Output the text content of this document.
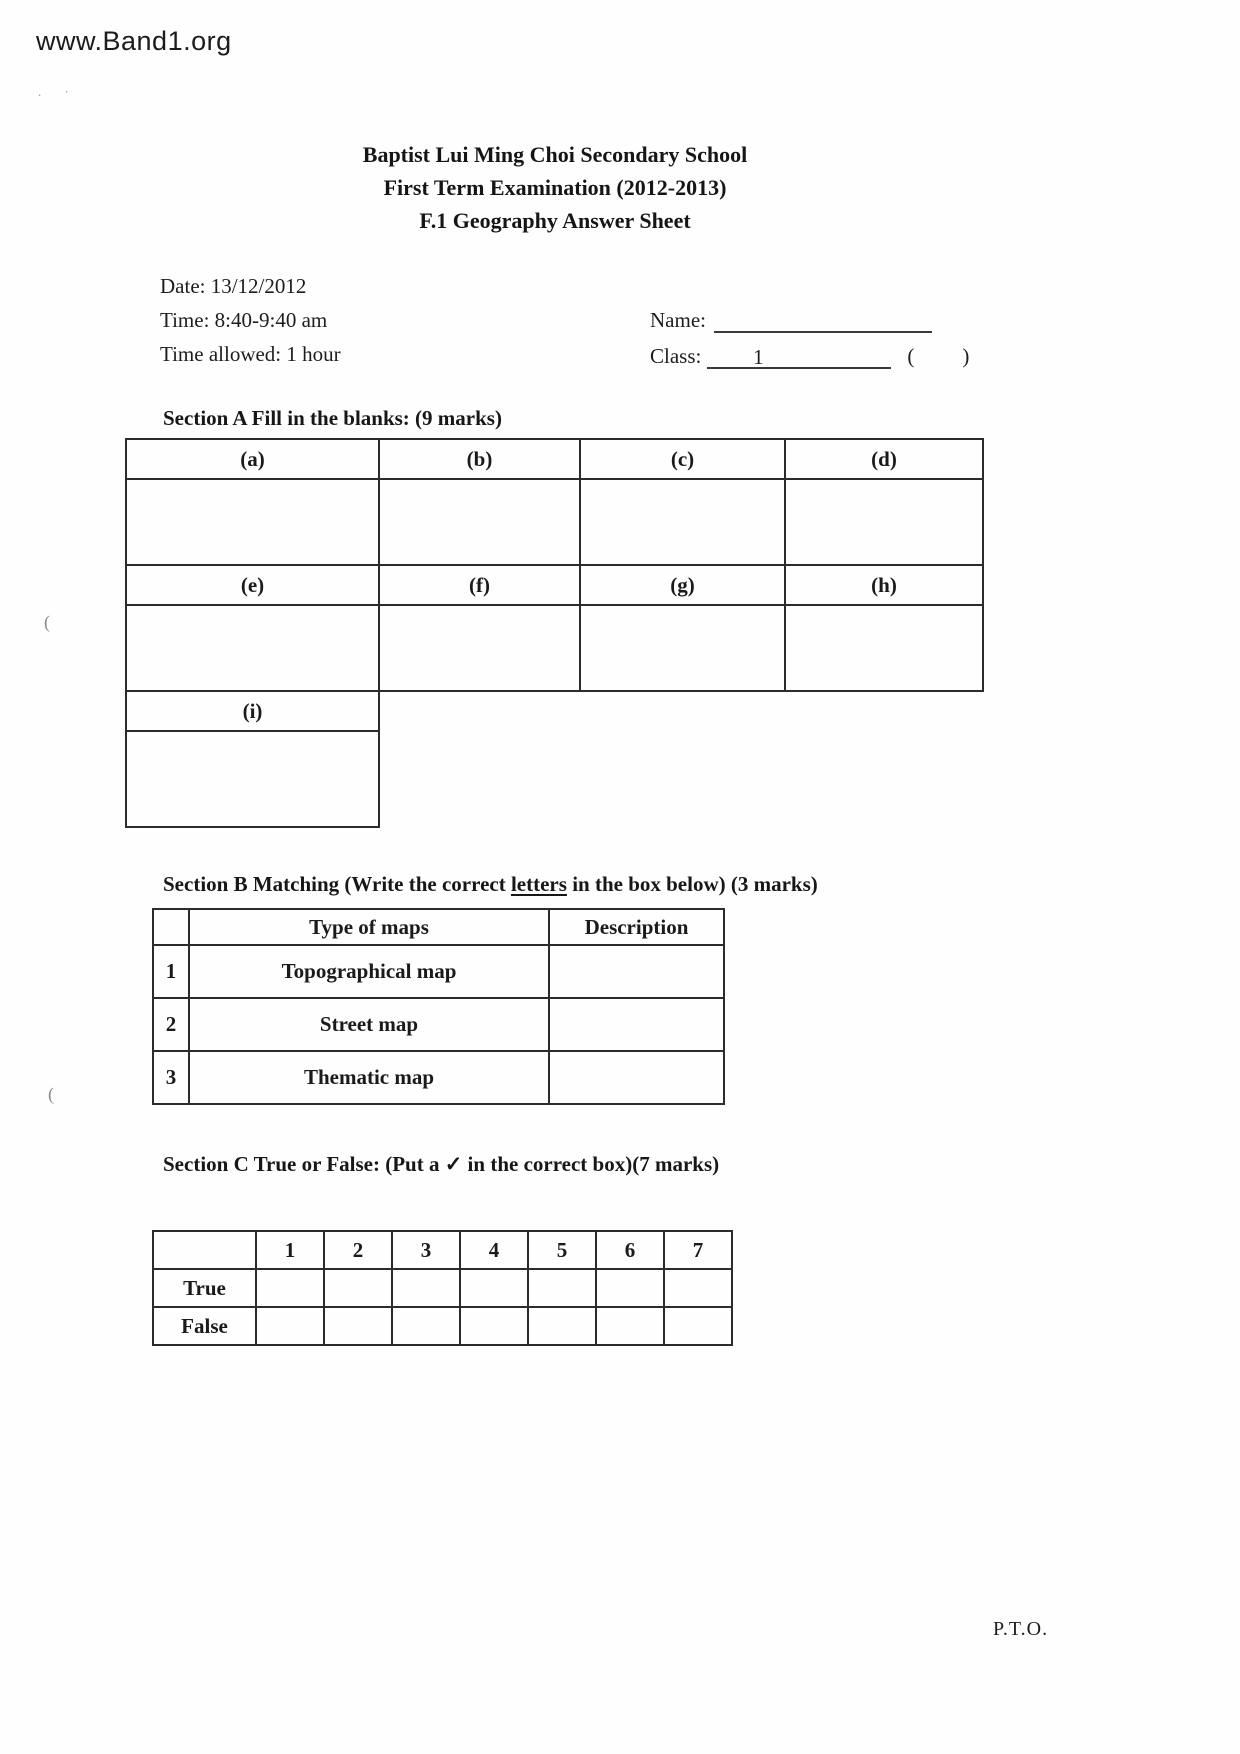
www.Band1.org
. ·
Baptist Lui Ming Choi Secondary School
First Term Examination (2012-2013)
F.1 Geography Answer Sheet
Date: 13/12/2012
Time: 8:40-9:40 am
Time allowed: 1 hour
Name:
Class: 1	( )
Section A Fill in the blanks: (9 marks)
(a)	(b)	(c)	(d)

(e)	(f)	(g)	(h)

(i)

Section B Matching (Write the correct letters in the box below) (3 marks)
	Type of maps	Description
1	Topographical map	
2	Street map	
3	Thematic map	
Section C True or False: (Put a ✓ in the correct box)(7 marks)
	1	2	3	4	5	6	7
True							
False							
(
(
P.T.O.
